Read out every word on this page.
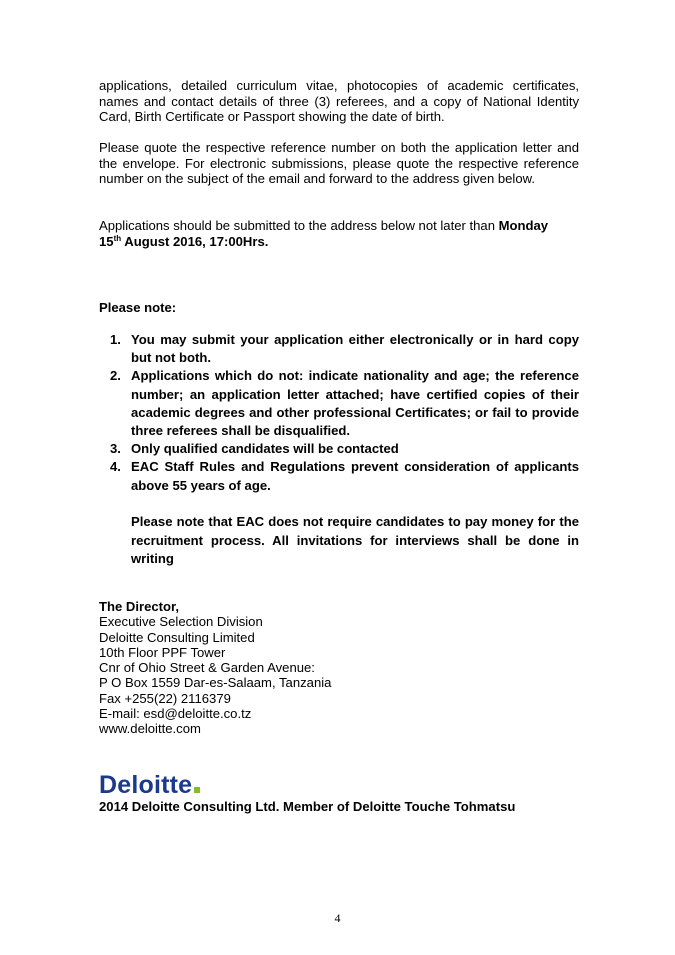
applications, detailed curriculum vitae, photocopies of academic certificates, names and contact details of three (3) referees, and a copy of National Identity Card, Birth Certificate or Passport showing the date of birth.
Please quote the respective reference number on both the application letter and the envelope. For electronic submissions, please quote the respective reference number on the subject of the email and forward to the address given below.
Applications should be submitted to the address below not later than Monday
15th August 2016, 17:00Hrs.
Please note:
1. You may submit your application either electronically or in hard copy but not both.
2. Applications which do not: indicate nationality and age; the reference number; an application letter attached; have certified copies of their academic degrees and other professional Certificates; or fail to provide three referees shall be disqualified.
3. Only qualified candidates will be contacted
4. EAC Staff Rules and Regulations prevent consideration of applicants above 55 years of age.
Please note that EAC does not require candidates to pay money for the recruitment process. All invitations for interviews shall be done in writing
The Director,
Executive Selection Division
Deloitte Consulting Limited
10th Floor PPF Tower
Cnr of Ohio Street & Garden Avenue:
P O Box 1559 Dar-es-Salaam, Tanzania
Fax +255(22) 2116379
E-mail: esd@deloitte.co.tz
www.deloitte.com
Deloitte
2014 Deloitte Consulting Ltd. Member of Deloitte Touche Tohmatsu
4
